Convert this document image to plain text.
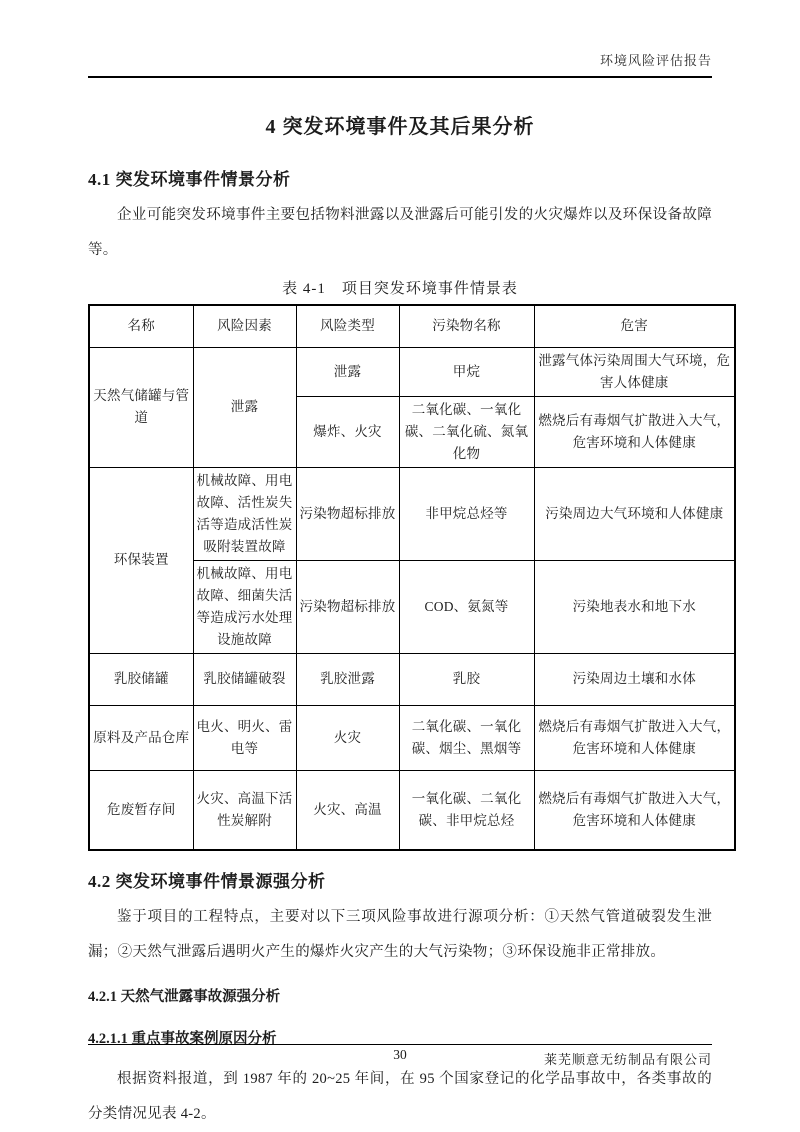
环境风险评估报告
4 突发环境事件及其后果分析
4.1 突发环境事件情景分析

企业可能突发环境事件主要包括物料泄露以及泄露后可能引发的火灾爆炸以及环保设备故障等。

表 4-1　项目突发环境事件情景表
名称	风险因素	风险类型	污染物名称	危害
天然气储罐与管道	泄露	泄露	甲烷	泄露气体污染周围大气环境，危害人体健康
		爆炸、火灾	二氧化碳、一氧化碳、二氧化硫、氮氧化物	燃烧后有毒烟气扩散进入大气，危害环境和人体健康
环保装置	机械故障、用电故障、活性炭失活等造成活性炭吸附装置故障	污染物超标排放	非甲烷总烃等	污染周边大气环境和人体健康
	机械故障、用电故障、细菌失活等造成污水处理设施故障	污染物超标排放	COD、氨氮等	污染地表水和地下水
乳胶储罐	乳胶储罐破裂	乳胶泄露	乳胶	污染周边土壤和水体
原料及产品仓库	电火、明火、雷电等	火灾	二氧化碳、一氧化碳、烟尘、黑烟等	燃烧后有毒烟气扩散进入大气，危害环境和人体健康
危废暂存间	火灾、高温下活性炭解附	火灾、高温	一氧化碳、二氧化碳、非甲烷总烃	燃烧后有毒烟气扩散进入大气，危害环境和人体健康
4.2 突发环境事件情景源强分析

鉴于项目的工程特点，主要对以下三项风险事故进行源项分析：①天然气管道破裂发生泄漏；②天然气泄露后遇明火产生的爆炸火灾产生的大气污染物；③环保设施非正常排放。

4.2.1 天然气泄露事故源强分析
4.2.1.1 重点事故案例原因分析

根据资料报道，到 1987 年的 20~25 年间，在 95 个国家登记的化学品事故中，各类事故的分类情况见表 4-2。

30	莱芜顺意无纺制品有限公司
